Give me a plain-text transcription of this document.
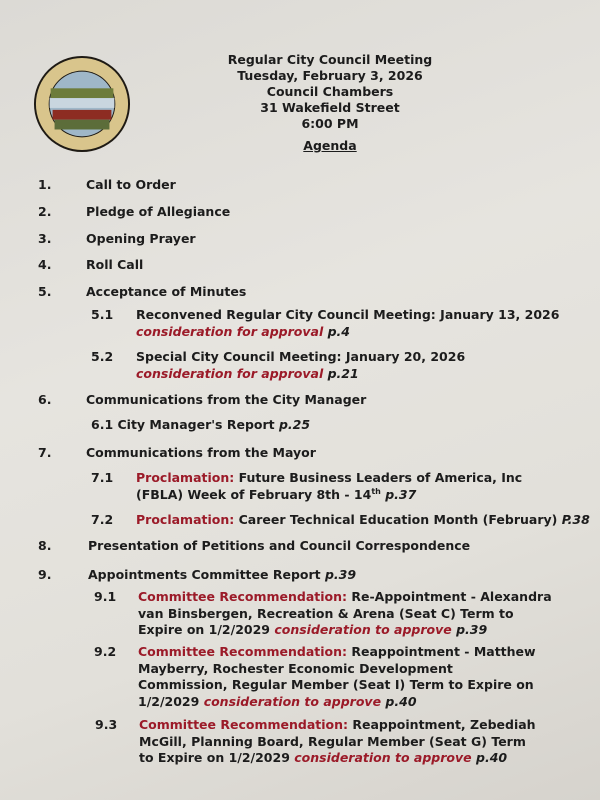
Regular City Council Meeting
Tuesday, February 3, 2026
Council Chambers
31 Wakefield Street
6:00 PM
Agenda
1.	Call to Order
2.	Pledge of Allegiance
3.	Opening Prayer
4.	Roll Call
5.	Acceptance of Minutes
5.1 Reconvened Regular City Council Meeting: January 13, 2026
consideration for approval p.4
5.2 Special City Council Meeting: January 20, 2026
consideration for approval p.21
6.	Communications from the City Manager
6.1 City Manager's Report p.25
7.	Communications from the Mayor
7.1 Proclamation: Future Business Leaders of America, Inc
(FBLA) Week of February 8th - 14th p.37
7.2 Proclamation: Career Technical Education Month (February) P.38
8.	Presentation of Petitions and Council Correspondence
9.	Appointments Committee Report p.39
9.1 Committee Recommendation: Re-Appointment - Alexandra
van Binsbergen, Recreation & Arena (Seat C) Term to
Expire on 1/2/2029 consideration to approve p.39
9.2 Committee Recommendation: Reappointment - Matthew
Mayberry, Rochester Economic Development
Commission, Regular Member (Seat I) Term to Expire on
1/2/2029 consideration to approve p.40
9.3 Committee Recommendation: Reappointment, Zebediah
McGill, Planning Board, Regular Member (Seat G) Term
to Expire on 1/2/2029 consideration to approve p.40
